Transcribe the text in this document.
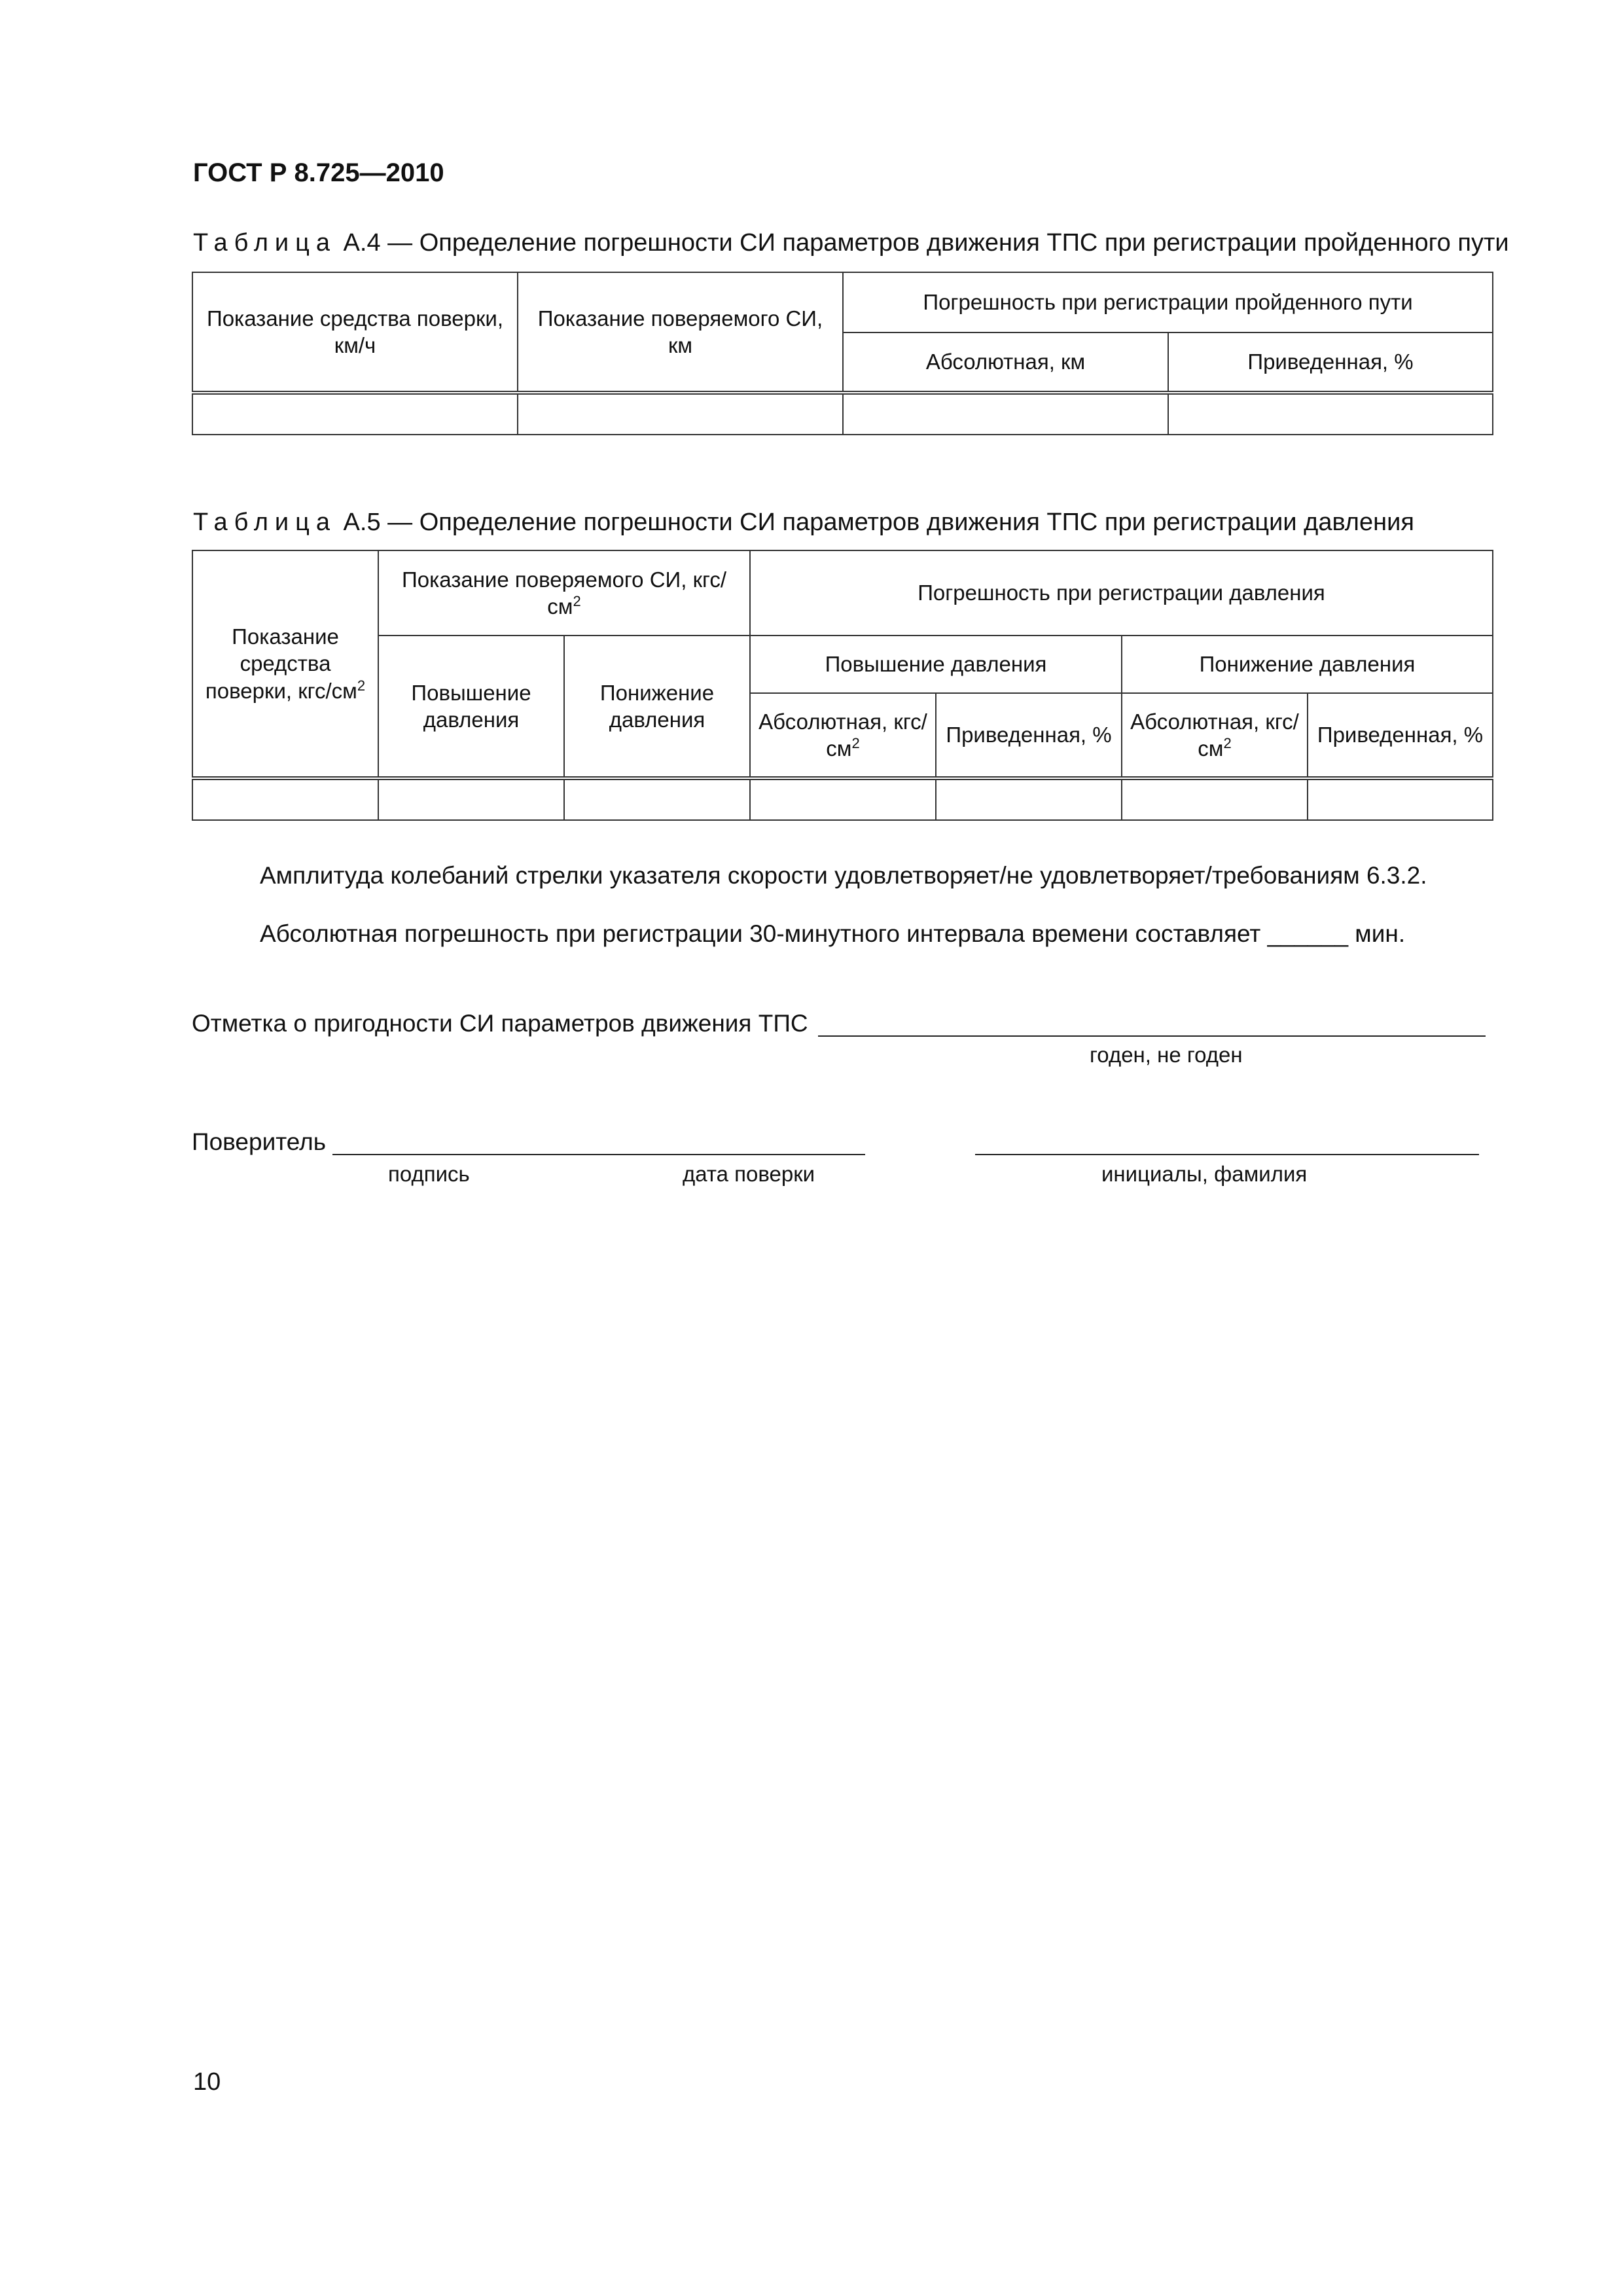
ГОСТ Р 8.725—2010
Таблица А.4 — Определение погрешности СИ параметров движения ТПС при регистрации пройденного пути
Показание средства поверки, км/ч	Показание поверяемого СИ, км	Погрешность при регистрации пройденного пути	
		Абсолютная, км	Приведенная, %

Таблица А.5 — Определение погрешности СИ параметров движения ТПС при регистрации давления
Показание средства поверки, кгс/$см^2$	Показание поверяемого СИ, кгс/$см^2$		Погрешность при регистрации давления			
	Повышение давления	Понижение давления	Повышение давления		Понижение давления	
			Абсолютная, кгс/$см^2$	Приведенная, %	Абсолютная, кгс/$см^2$	Приведенная, %

Амплитуда колебаний стрелки указателя скорости удовлетворяет/не удовлетворяет/требованиям 6.3.2.
Абсолютная погрешность при регистрации 30-минутного интервала времени составляет ______ мин.
Отметка о пригодности СИ параметров движения ТПС
годен, не годен
Поверитель
подпись	дата поверки	инициалы, фамилия
10
